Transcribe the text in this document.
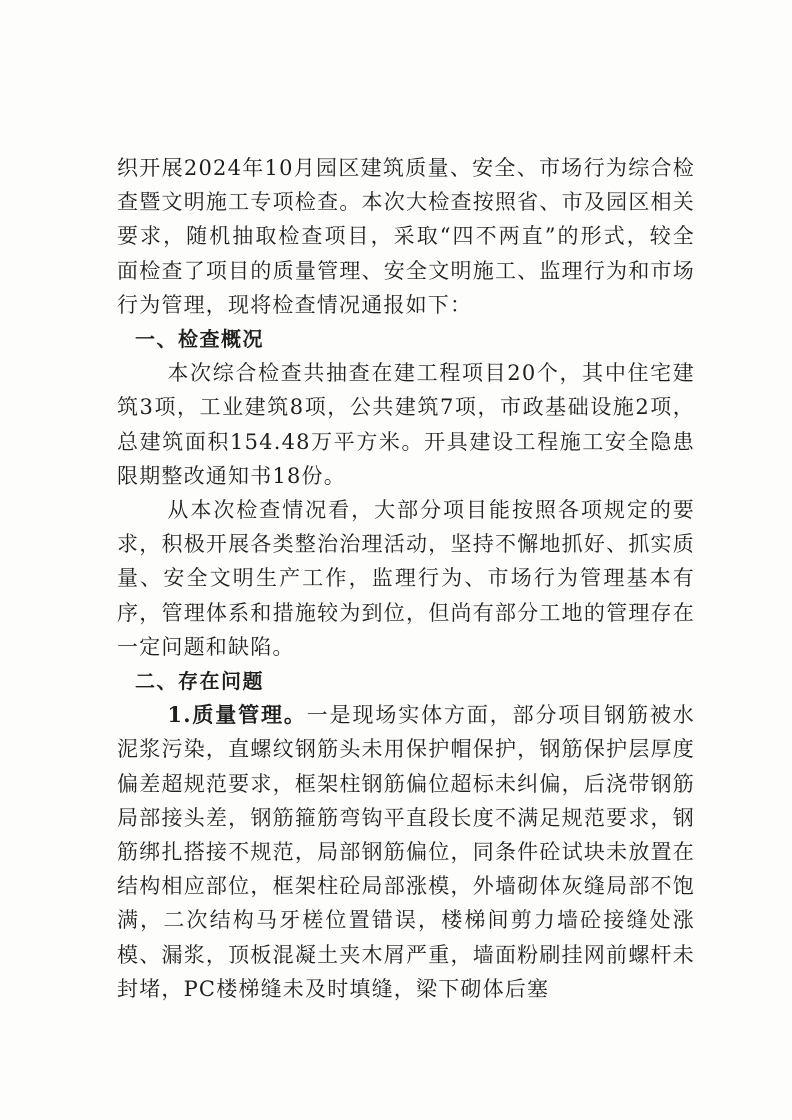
织开展2024年10月园区建筑质量、安全、市场行为综合检查暨文明施工专项检查。本次大检查按照省、市及园区相关要求，随机抽取检查项目，采取“四不两直”的形式，较全面检查了项目的质量管理、安全文明施工、监理行为和市场行为管理，现将检查情况通报如下：

一、检查概况

本次综合检查共抽查在建工程项目20个，其中住宅建筑3项，工业建筑8项，公共建筑7项，市政基础设施2项，总建筑面积154.48万平方米。开具建设工程施工安全隐患限期整改通知书18份。

从本次检查情况看，大部分项目能按照各项规定的要求，积极开展各类整治治理活动，坚持不懈地抓好、抓实质量、安全文明生产工作，监理行为、市场行为管理基本有序，管理体系和措施较为到位，但尚有部分工地的管理存在一定问题和缺陷。

二、存在问题

1.质量管理。一是现场实体方面，部分项目钢筋被水泥浆污染，直螺纹钢筋头未用保护帽保护，钢筋保护层厚度偏差超规范要求，框架柱钢筋偏位超标未纠偏，后浇带钢筋局部接头差，钢筋箍筋弯钩平直段长度不满足规范要求，钢筋绑扎搭接不规范，局部钢筋偏位，同条件砼试块未放置在结构相应部位，框架柱砼局部涨模，外墙砌体灰缝局部不饱满，二次结构马牙槎位置错误，楼梯间剪力墙砼接缝处涨模、漏浆，顶板混凝土夹木屑严重，墙面粉刷挂网前螺杆未封堵，PC楼梯缝未及时填缝，梁下砌体后塞
